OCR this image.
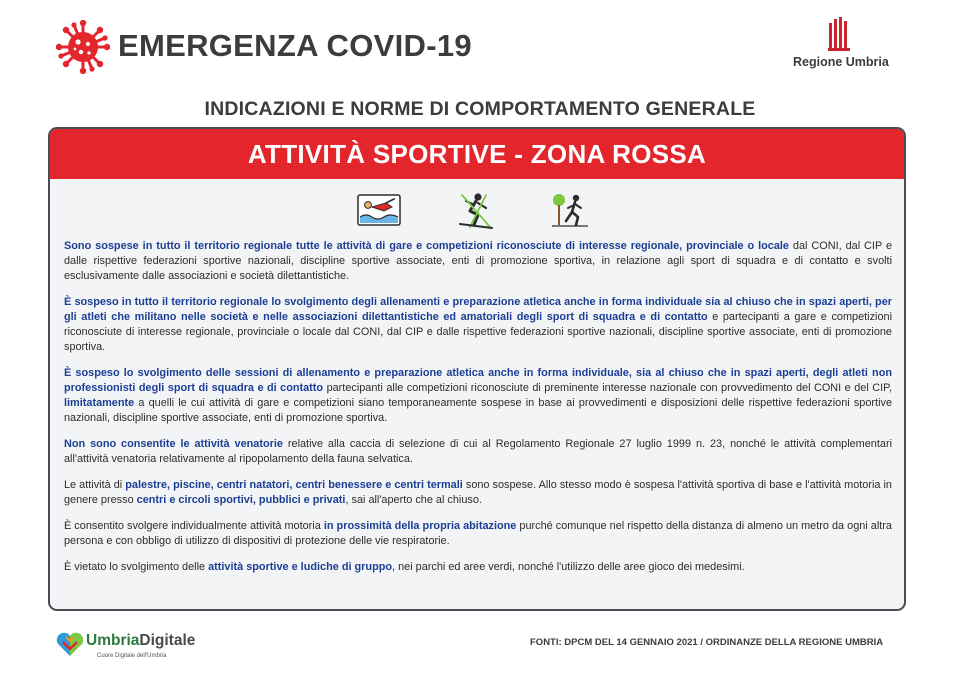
EMERGENZA COVID-19	Regione Umbria
INDICAZIONI E NORME DI COMPORTAMENTO GENERALE
ATTIVITÀ SPORTIVE - ZONA ROSSA

Sono sospese in tutto il territorio regionale tutte le attività di gare e competizioni riconosciute di interesse regionale, provinciale o locale dal CONI, dal CIP e dalle rispettive federazioni sportive nazionali, discipline sportive associate, enti di promozione sportiva, in relazione agli sport di squadra e di contatto e svolti esclusivamente dalle associazioni e società dilettantistiche.

È sospeso in tutto il territorio regionale lo svolgimento degli allenamenti e preparazione atletica anche in forma individuale sia al chiuso che in spazi aperti, per gli atleti che militano nelle società e nelle associazioni dilettantistiche ed amatoriali degli sport di squadra e di contatto e partecipanti a gare e competizioni riconosciute di interesse regionale, provinciale o locale dal CONI, dal CIP e dalle rispettive federazioni sportive nazionali, discipline sportive associate, enti di promozione sportiva.

È sospeso lo svolgimento delle sessioni di allenamento e preparazione atletica anche in forma individuale, sia al chiuso che in spazi aperti, degli atleti non professionisti degli sport di squadra e di contatto partecipanti alle competizioni riconosciute di preminente interesse nazionale con provvedimento del CONI e del CIP, limitatamente a quelli le cui attività di gare e competizioni siano temporaneamente sospese in base ai provvedimenti e disposizioni delle rispettive federazioni sportive nazionali, discipline sportive associate, enti di promozione sportiva.

Non sono consentite le attività venatorie relative alla caccia di selezione di cui al Regolamento Regionale 27 luglio 1999 n. 23, nonché le attività complementari all'attività venatoria relativamente al ripopolamento della fauna selvatica.

Le attività di palestre, piscine, centri natatori, centri benessere e centri termali sono sospese. Allo stesso modo è sospesa l'attività sportiva di base e l'attività motoria in genere presso centri e circoli sportivi, pubblici e privati, sai all'aperto che al chiuso.

È consentito svolgere individualmente attività motoria in prossimità della propria abitazione purché comunque nel rispetto della distanza di almeno un metro da ogni altra persona e con obbligo di utilizzo di dispositivi di protezione delle vie respiratorie.

È vietato lo svolgimento delle attività sportive e ludiche di gruppo, nei parchi ed aree verdi, nonché l'utilizzo delle aree gioco dei medesimi.

UmbriaDigitale
Cuore Digitale dell'Umbria
FONTI: DPCM DEL 14 GENNAIO 2021 / ORDINANZE DELLA REGIONE UMBRIA
